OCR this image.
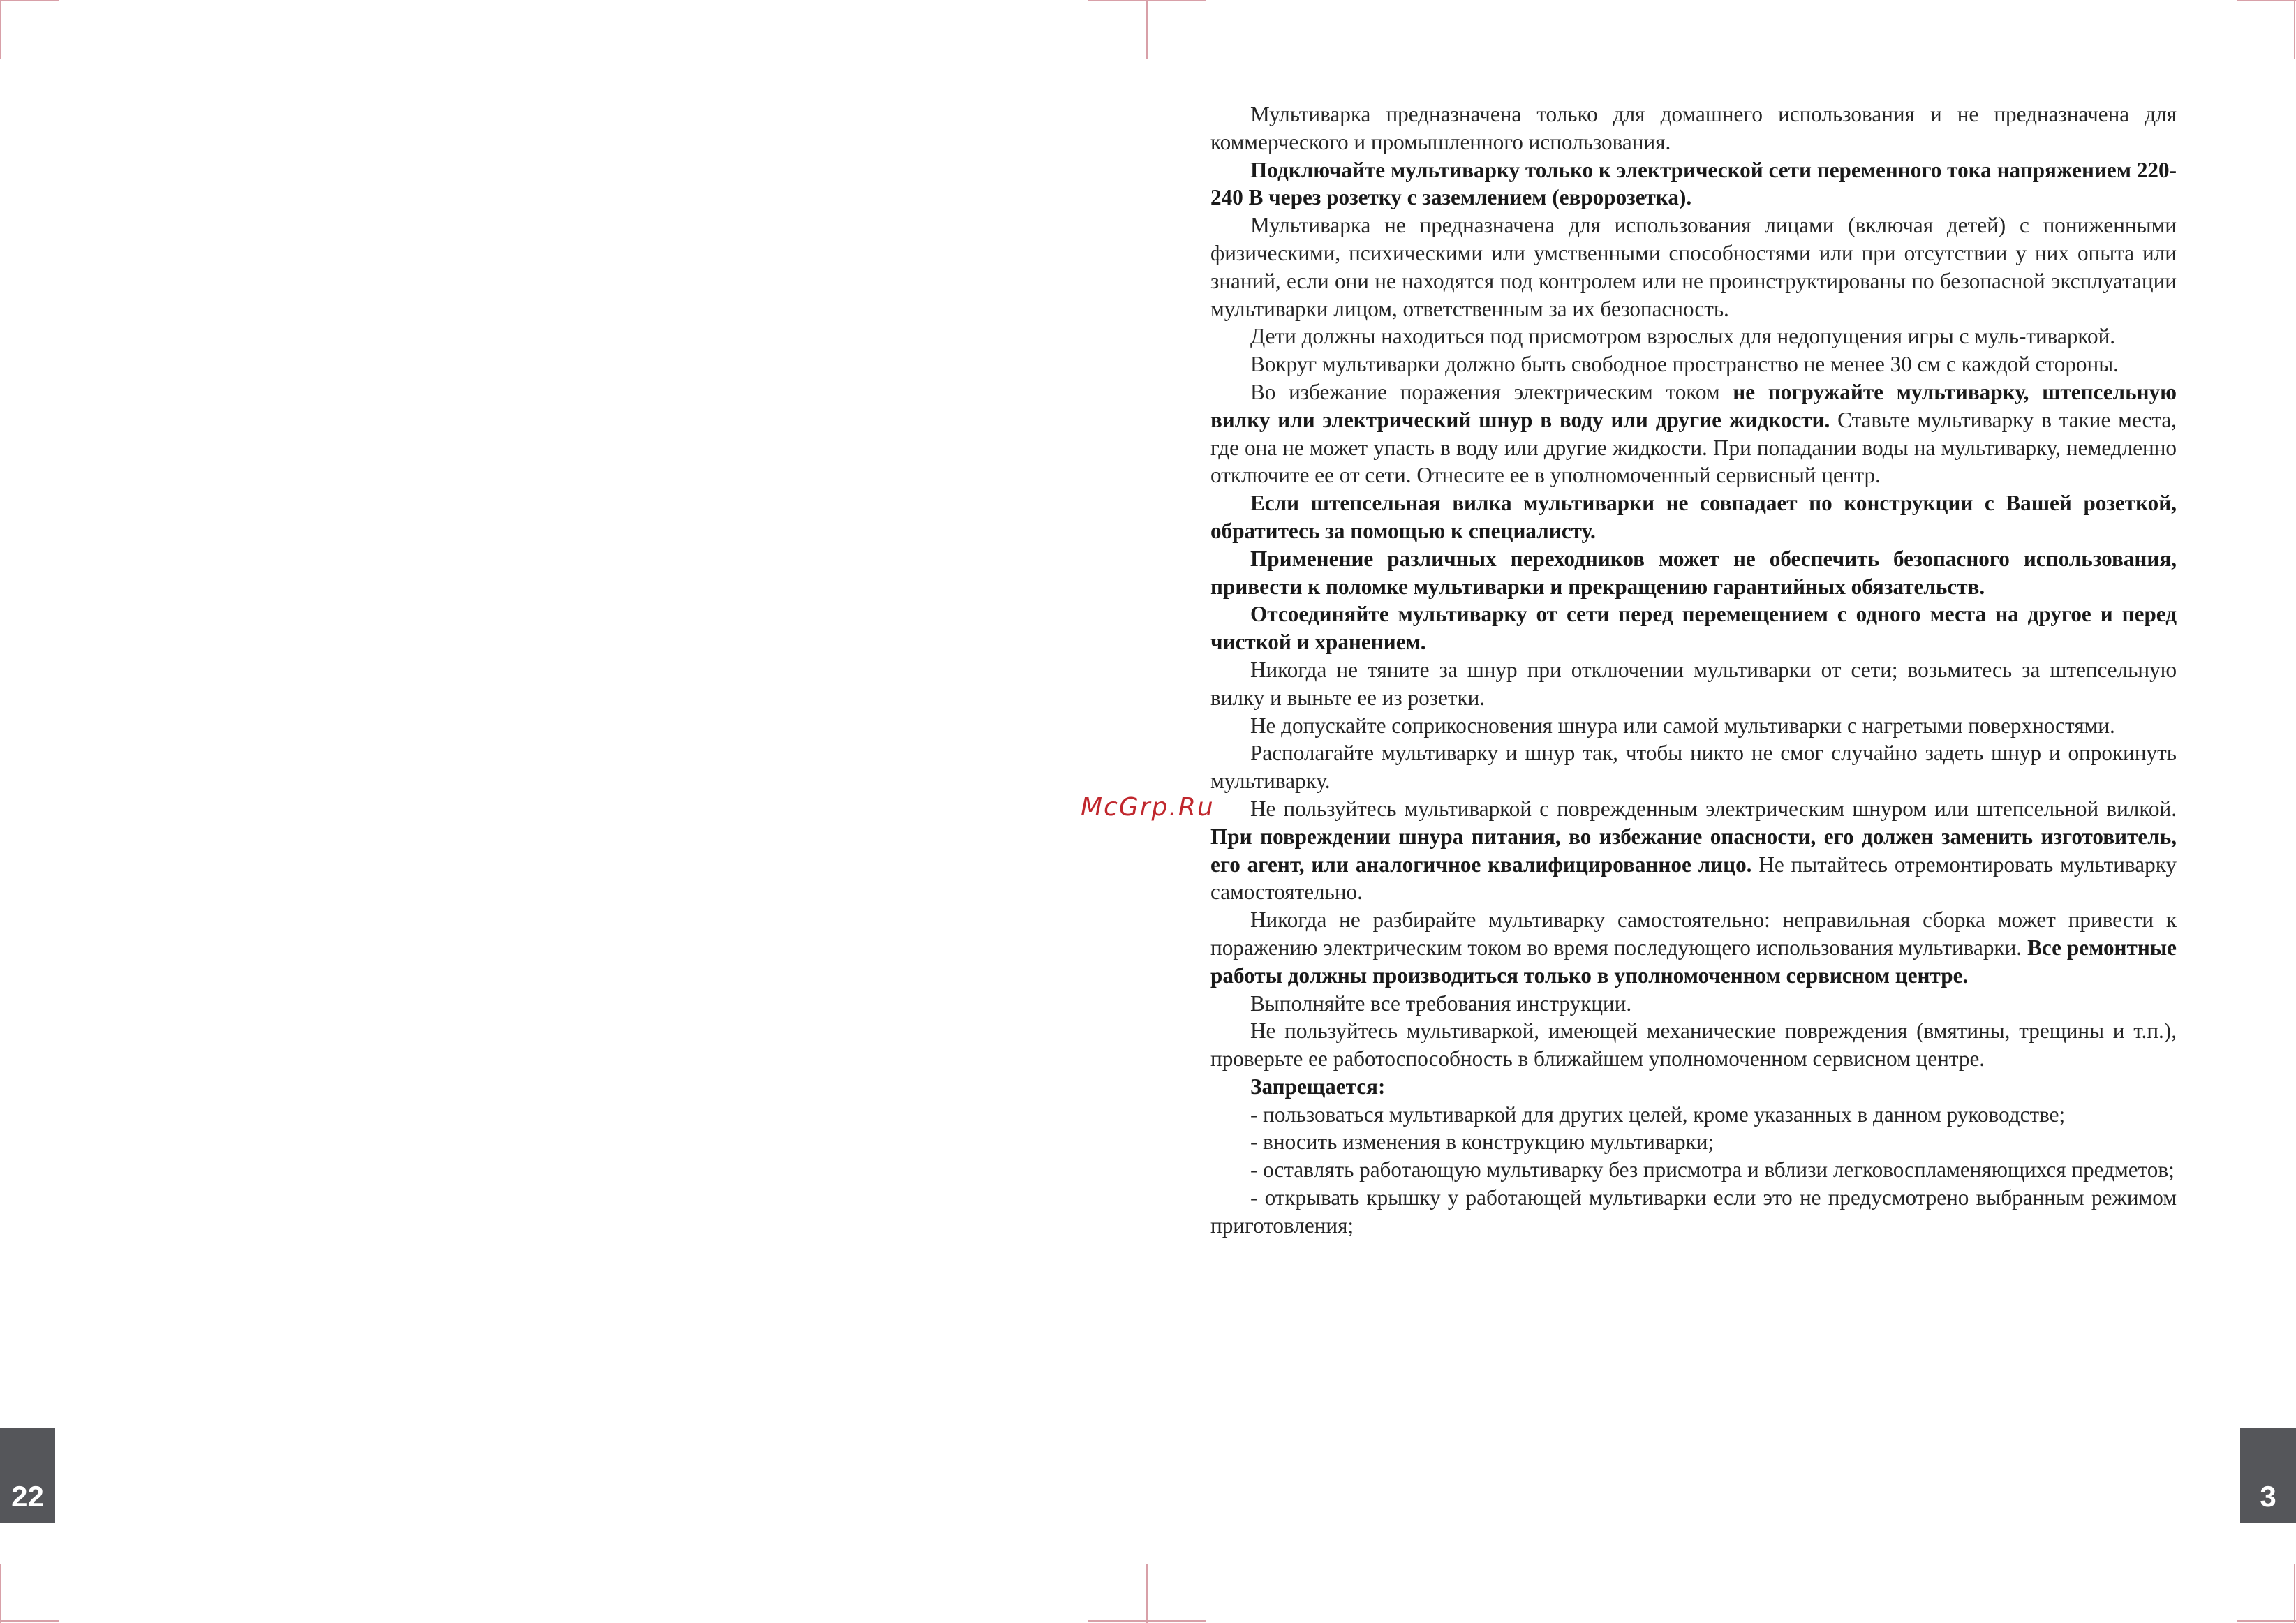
22	3
McGrp.Ru

Мультиварка предназначена только для домашнего использования и не предназначена для коммерческого и промышленного использования.

Подключайте мультиварку только к электрической сети переменного тока напряжением 220-240 В через розетку с заземлением (евророзетка).

Мультиварка не предназначена для использования лицами (включая детей) с пониженными физическими, психическими или умственными способностями или при отсутствии у них опыта или знаний, если они не находятся под контролем или не проинструктированы по безопасной эксплуатации мультиварки лицом, ответственным за их безопасность.

Дети должны находиться под присмотром взрослых для недопущения игры с муль-тиваркой.

Вокруг мультиварки должно быть свободное пространство не менее 30 см с каждой стороны.

Во избежание поражения электрическим током не погружайте мультиварку, штепсельную вилку или электрический шнур в воду или другие жидкости. Ставьте мультиварку в такие места, где она не может упасть в воду или другие жидкости. При попадании воды на мультиварку, немедленно отключите ее от сети. Отнесите ее в уполномоченный сервисный центр.

Если штепсельная вилка мультиварки не совпадает по конструкции с Вашей розеткой, обратитесь за помощью к специалисту.

Применение различных переходников может не обеспечить безопасного использования, привести к поломке мультиварки и прекращению гарантийных обязательств.

Отсоединяйте мультиварку от сети перед перемещением с одного места на другое и перед чисткой и хранением.

Никогда не тяните за шнур при отключении мультиварки от сети; возьмитесь за штепсельную вилку и выньте ее из розетки.

Не допускайте соприкосновения шнура или самой мультиварки с нагретыми поверхностями.

Располагайте мультиварку и шнур так, чтобы никто не смог случайно задеть шнур и опрокинуть мультиварку.

Не пользуйтесь мультиваркой с поврежденным электрическим шнуром или штепсельной вилкой. При повреждении шнура питания, во избежание опасности, его должен заменить изготовитель, его агент, или аналогичное квалифицированное лицо. Не пытайтесь отремонтировать мультиварку самостоятельно.

Никогда не разбирайте мультиварку самостоятельно: неправильная сборка может привести к поражению электрическим током во время последующего использования мультиварки. Все ремонтные работы должны производиться только в уполномоченном сервисном центре.

Выполняйте все требования инструкции.

Не пользуйтесь мультиваркой, имеющей механические повреждения (вмятины, трещины и т.п.), проверьте ее работоспособность в ближайшем уполномоченном сервисном центре.

Запрещается:

- пользоваться мультиваркой для других целей, кроме указанных в данном руководстве;

- вносить изменения в конструкцию мультиварки;

- оставлять работающую мультиварку без присмотра и вблизи легковоспламеняющихся предметов;

- открывать крышку у работающей мультиварки если это не предусмотрено выбранным режимом приготовления;
